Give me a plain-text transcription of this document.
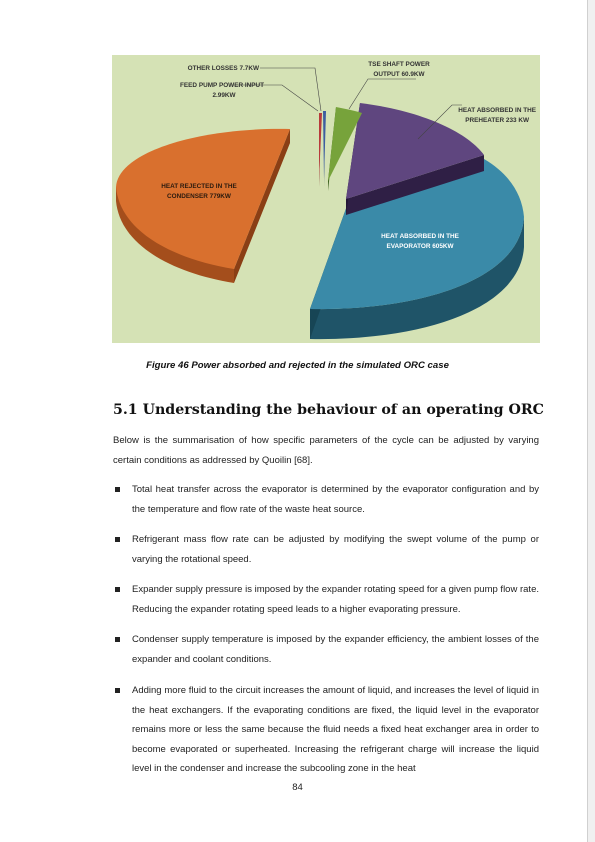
OTHER LOSSES 7.7KW
FEED PUMP POWER INPUT
2.99KW
TSE SHAFT POWER
OUTPUT 60.9KW
HEAT ABSORBED IN THE
PREHEATER 233 KW
HEAT REJECTED IN THE
CONDENSER 779KW
HEAT ABSORBED IN THE
EVAPORATOR 605KW
Figure 46 Power absorbed and rejected in the simulated ORC case
5.1 Understanding the behaviour of an operating ORC
Below is the summarisation of how specific parameters of the cycle can be adjusted by varying certain conditions as addressed by Quoilin [68].
Total heat transfer across the evaporator is determined by the evaporator configuration and by the temperature and flow rate of the waste heat source.
Refrigerant mass flow rate can be adjusted by modifying the swept volume of the pump or varying the rotational speed.
Expander supply pressure is imposed by the expander rotating speed for a given pump flow rate. Reducing the expander rotating speed leads to a higher evaporating pressure.
Condenser supply temperature is imposed by the expander efficiency, the ambient losses of the expander and coolant conditions.
Adding more fluid to the circuit increases the amount of liquid, and increases the level of liquid in the heat exchangers. If the evaporating conditions are fixed, the liquid level in the evaporator remains more or less the same because the fluid needs a fixed heat exchanger area in order to become evaporated or superheated. Increasing the refrigerant charge will increase the liquid level in the condenser and increase the subcooling zone in the heat
84
